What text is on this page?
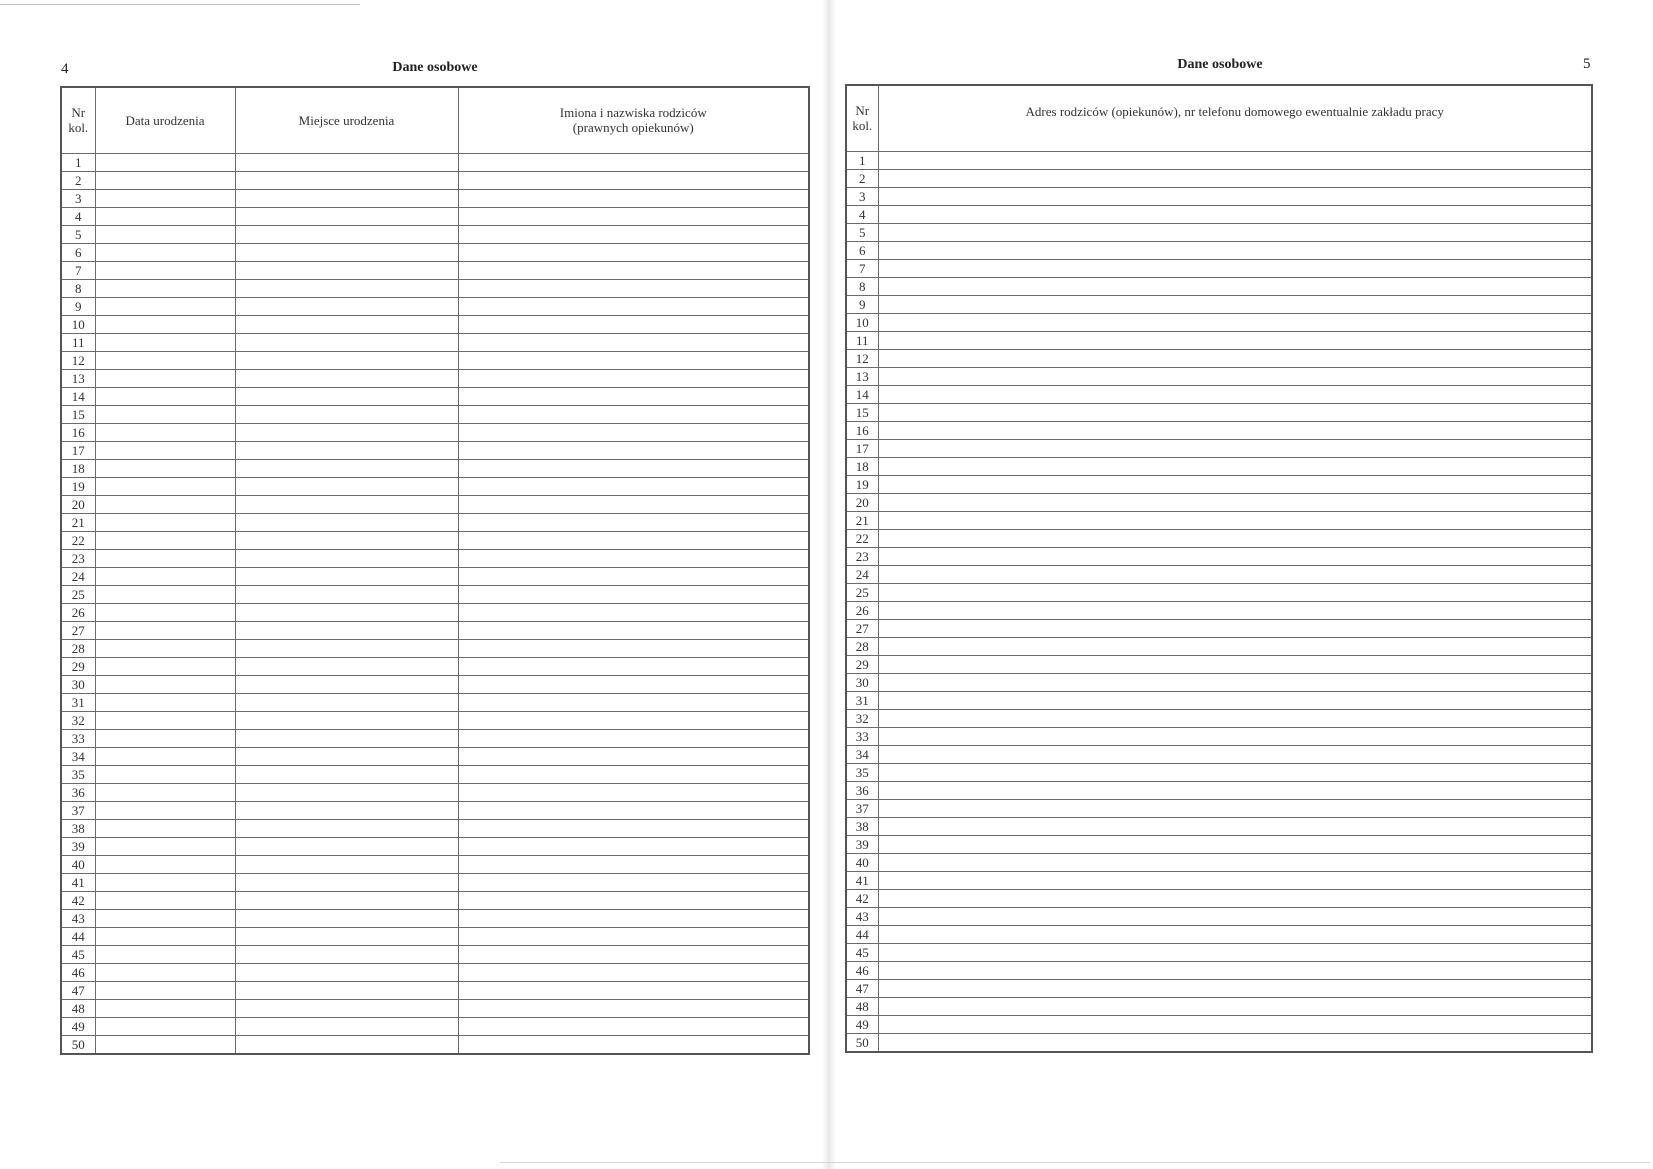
4	Dane osobowe
Nr kol.	Data urodzenia	Miejsce urodzenia	Imiona i nazwiska rodziców
(prawnych opiekunów)

1			
2			
3			
4			
5			
6			
7			
8			
9			
10			
11			
12			
13			
14			
15			
16			
17			
18			
19			
20			
21			
22			
23			
24			
25			
26			
27			
28			
29			
30			
31			
32			
33			
34			
35			
36			
37			
38			
39			
40			
41			
42			
43			
44			
45			
46			
47			
48			
49			
50			
Dane osobowe	5
Nr kol.	Adres rodziców (opiekunów), nr telefonu domowego ewentualnie zakładu pracy
1	
2	
3	
4	
5	
6	
7	
8	
9	
10	
11	
12	
13	
14	
15	
16	
17	
18	
19	
20	
21	
22	
23	
24	
25	
26	
27	
28	
29	
30	
31	
32	
33	
34	
35	
36	
37	
38	
39	
40	
41	
42	
43	
44	
45	
46	
47	
48	
49	
50	
